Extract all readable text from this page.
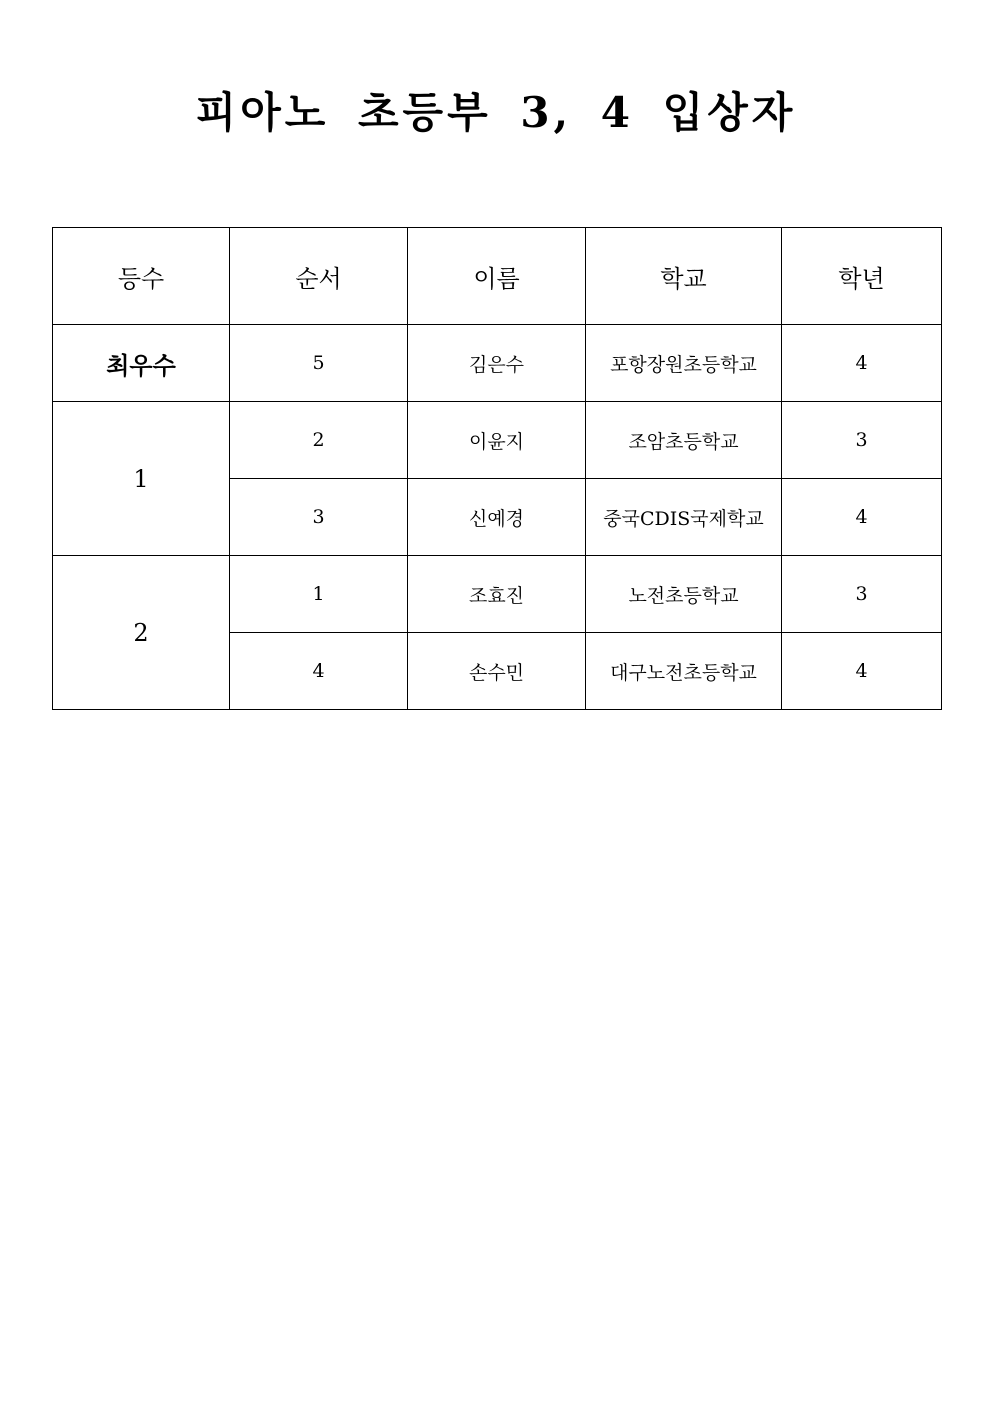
피아노 초등부 3, 4 입상자
등수	순서	이름	학교	학년
최우수	5	김은수	포항장원초등학교	4
1	2	이윤지	조암초등학교	3
	3	신예경	중국CDIS국제학교	4
2	1	조효진	노전초등학교	3
	4	손수민	대구노전초등학교	4
